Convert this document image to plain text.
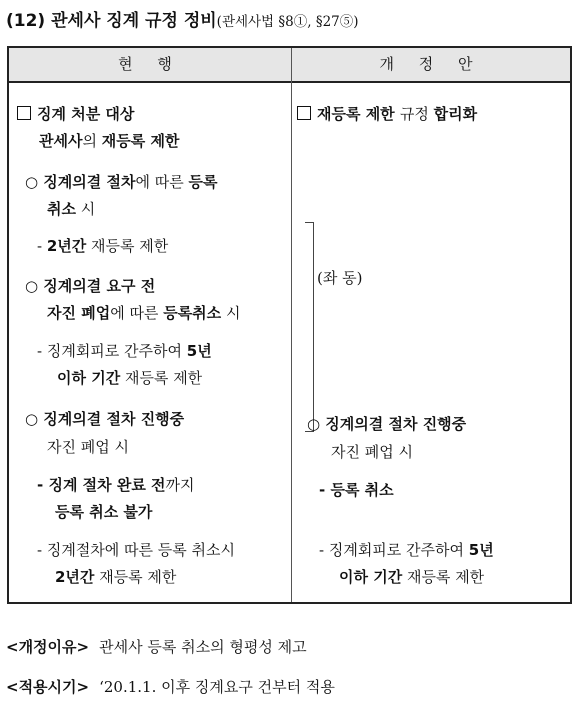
(12) 관세사 징계 규정 정비(관세사법 §8①, §27⑤)
현 행	개 정 안
징계 처분 대상
관세사의 재등록 제한
○ 징계의결 절차에 따른 등록
취소 시
- 2년간 재등록 제한
○ 징계의결 요구 전
자진 폐업에 따른 등록취소 시
- 징계회피로 간주하여 5년
이하 기간 재등록 제한
○ 징계의결 절차 진행중
자진 폐업 시
- 징계 절차 완료 전까지
등록 취소 불가
- 징계절차에 따른 등록 취소시
2년간 재등록 제한
재등록 제한 규정 합리화
(좌 동)
○ 징계의결 절차 진행중
자진 폐업 시
- 등록 취소
- 징계회피로 간주하여 5년
이하 기간 재등록 제한
<개정이유> 관세사 등록 취소의 형평성 제고
<적용시기> ‘20.1.1. 이후 징계요구 건부터 적용
